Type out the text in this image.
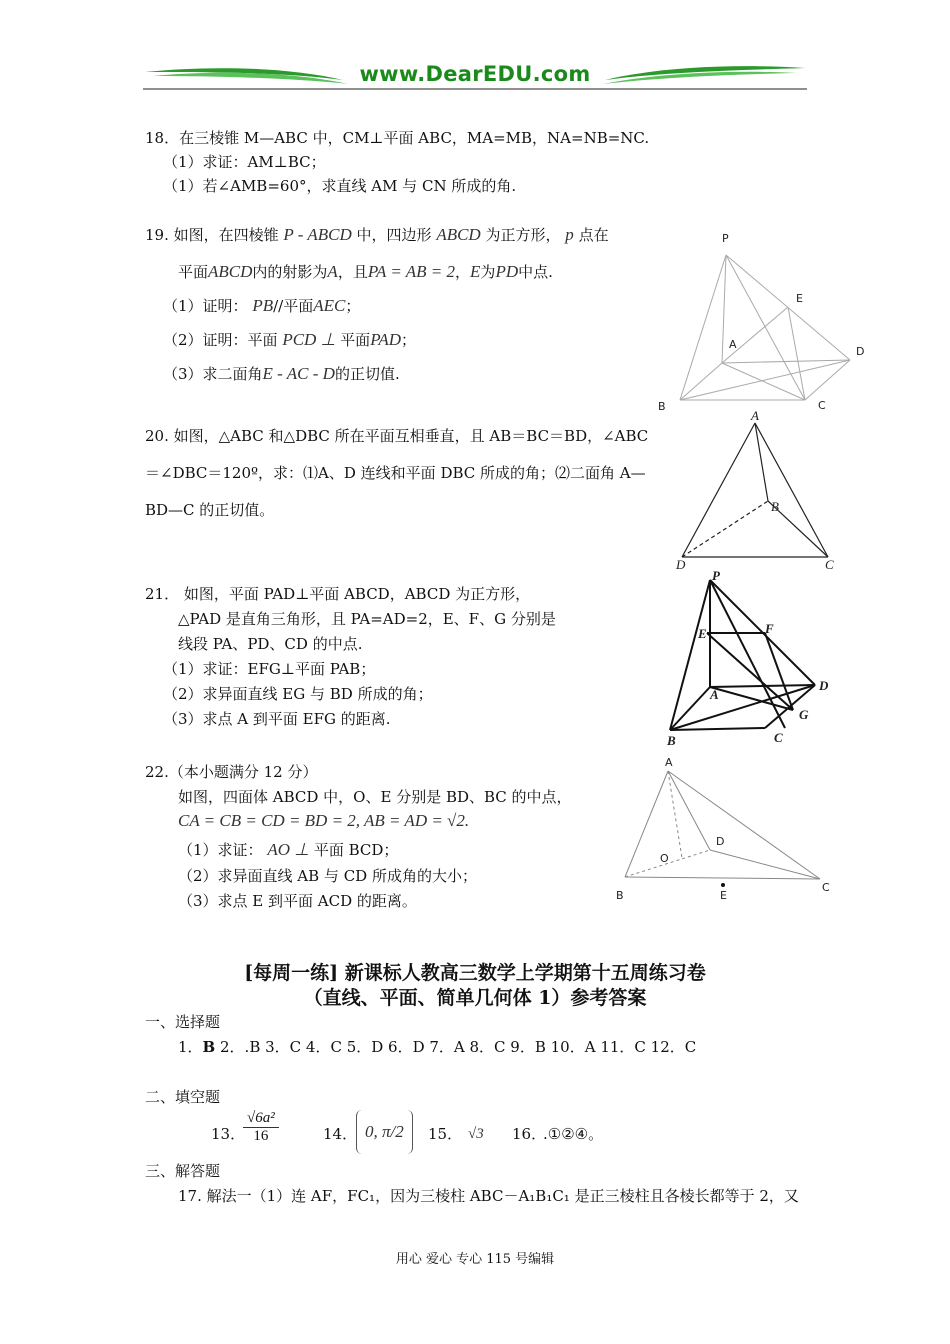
www.DearEDU.com
18．在三棱锥 M—ABC 中，CM⊥平面 ABC，MA=MB，NA=NB=NC.
（1）求证：AM⊥BC；
（1）若∠AMB=60°，求直线 AM 与 CN 所成的角.
19. 如图，在四棱锥 P - ABCD 中，四边形 ABCD 为正方形， p 点在
平面ABCD内的射影为A，且PA = AB = 2，E为PD中点.
（1）证明： PB//平面AEC；
（2）证明：平面 PCD ⊥ 平面PAD；
（3）求二面角E - AC - D的正切值.
P
E
A
D
B	C
20. 如图，△ABC 和△DBC 所在平面互相垂直，且 AB＝BC＝BD，∠ABC
＝∠DBC＝120º，求：⑴A、D 连线和平面 DBC 所成的角；⑵二面角 A—
BD—C 的正切值。
A
B
D	C
21． 如图，平面 PAD⊥平面 ABCD，ABCD 为正方形，
△PAD 是直角三角形，且 PA=AD=2，E、F、G 分别是
线段 PA、PD、CD 的中点.
（1）求证：EFG⊥平面 PAB；
（2）求异面直线 EG 与 BD 所成的角；
（3）求点 A 到平面 EFG 的距离.
P
E	F
A
D
G
B	C
22.（本小题满分 12 分）
如图，四面体 ABCD 中，O、E 分别是 BD、BC 的中点，
CA = CB = CD = BD = 2, AB = AD = √2.
（1）求证： AO ⊥ 平面 BCD；
（2）求异面直线 AB 与 CD 所成角的大小；
（3）求点 E 到平面 ACD 的距离。
A
D
O
B	E
C
[每周一练] 新课标人教高三数学上学期第十五周练习卷
（直线、平面、简单几何体 1）参考答案
一、选择题
1．B 2．.B 3．C 4．C 5．D 6．D 7．A 8．C 9．B 10．A 11．C 12．C
二、填空题
13．
$\frac{\text{√6a²}}{16}$	14． 0, π/2 15． √3 16．
.①②④。
三、解答题
17. 解法一（1）连 AF，FC₁，因为三棱柱 ABC－A₁B₁C₁ 是正三棱柱且各棱长都等于 2，又
用心 爱心 专心 115 号编辑
